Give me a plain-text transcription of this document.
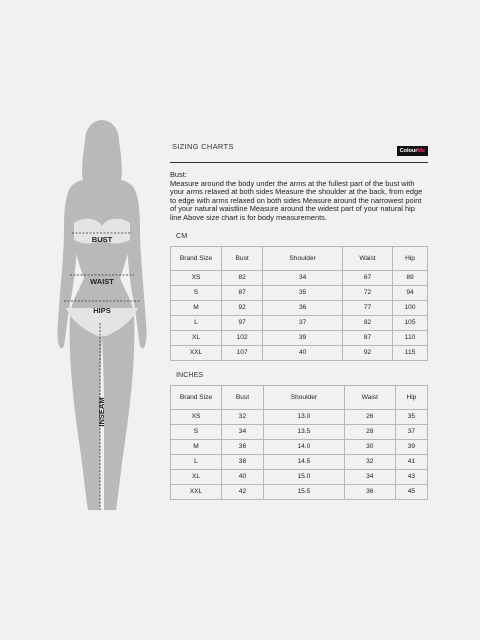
BUST
WAIST
HIPS
INSEAM
SIZING CHARTS	ColourMe
Bust:
Measure around the body under the arms at the fullest part of the bust with your arms relaxed at both sides Measure the shoulder at the back, from edge to edge with arms relaxed on both sides Measure around the narrowest point of your natural waistline Measure around the widest part of your natural hip line Above size chart is for body measurements.
CM
Brand Size	Bust	Shoulder	Waist	Hip
XS	82	34	67	89
S	87	35	72	94
M	92	36	77	100
L	97	37	82	105
XL	102	39	87	110
XXL	107	40	92	115
INCHES
Brand Size	Bust	Shoulder	Waist	Hip
XS	32	13.0	26	35
S	34	13.5	28	37
M	36	14.0	30	39
L	38	14.5	32	41
XL	40	15.0	34	43
XXL	42	15.5	36	45
